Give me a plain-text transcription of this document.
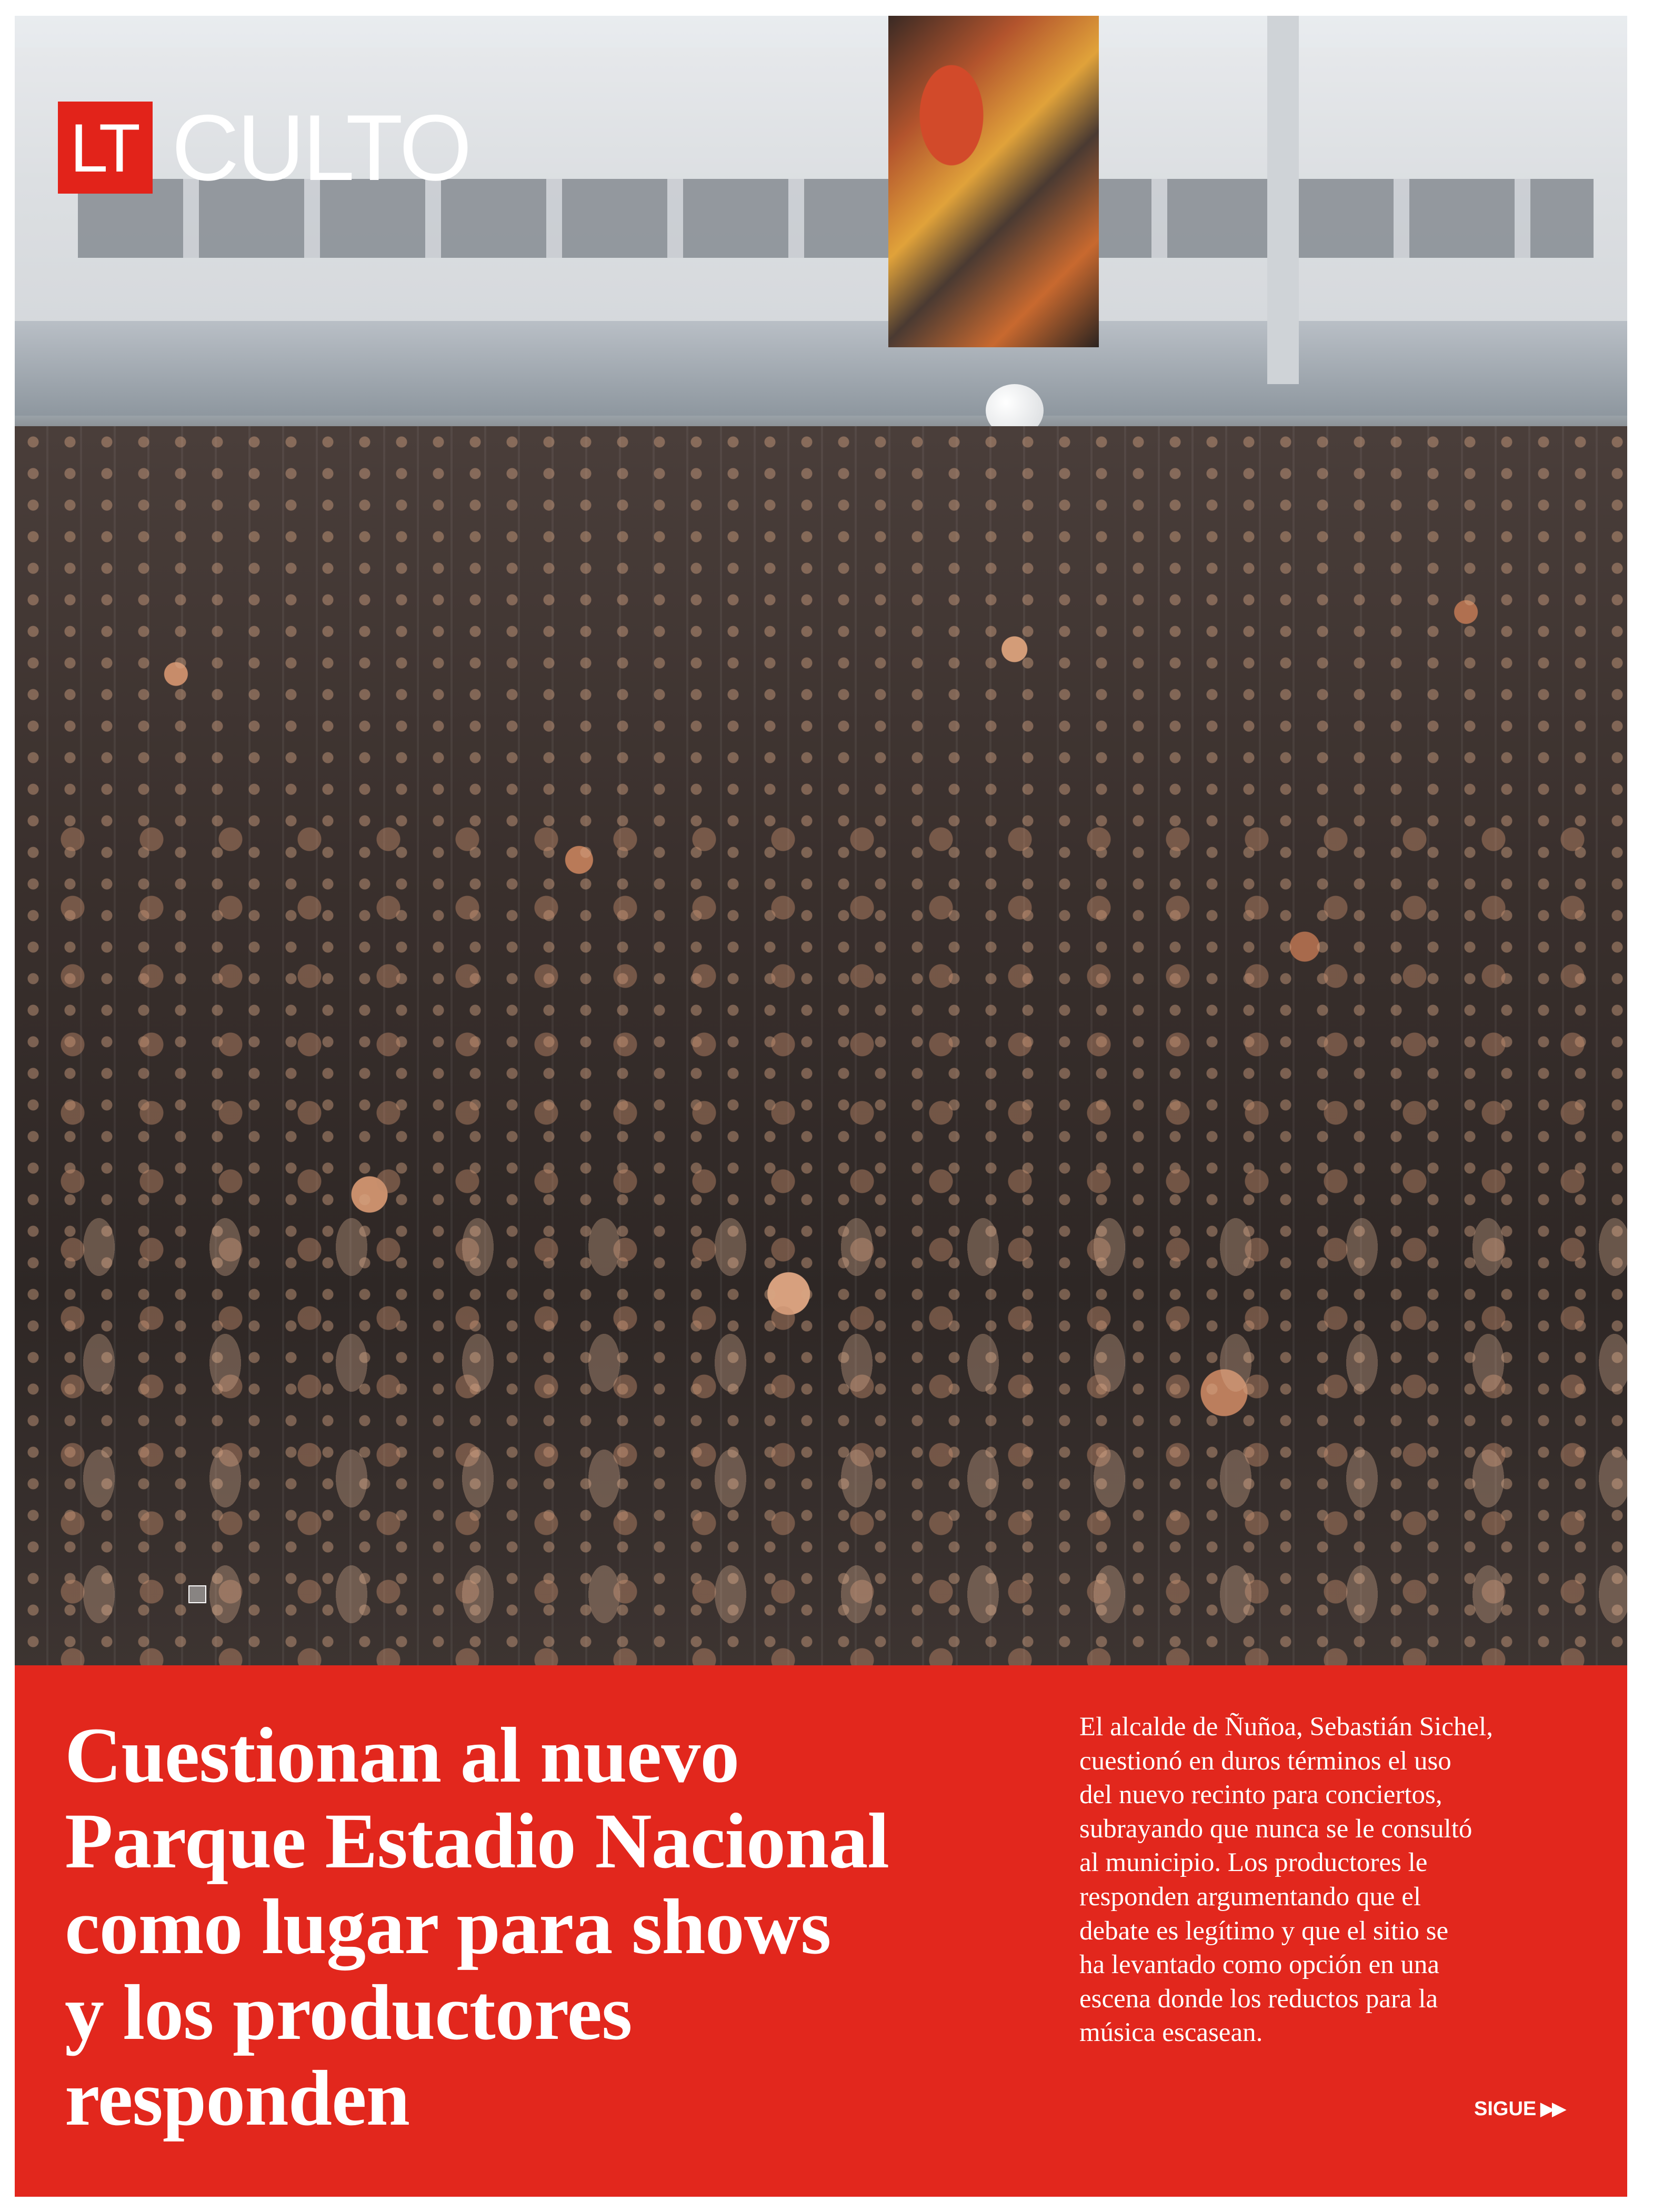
LT CULTO
Cuestionan al nuevo
Parque Estadio Nacional
como lugar para shows
y los productores
responden

El alcalde de Ñuñoa, Sebastián Sichel,
cuestionó en duros términos el uso
del nuevo recinto para conciertos,
subrayando que nunca se le consultó
al municipio. Los productores le
responden argumentando que el
debate es legítimo y que el sitio se
ha levantado como opción en una
escena donde los reductos para la
música escasean.

SIGUE ▶▶
